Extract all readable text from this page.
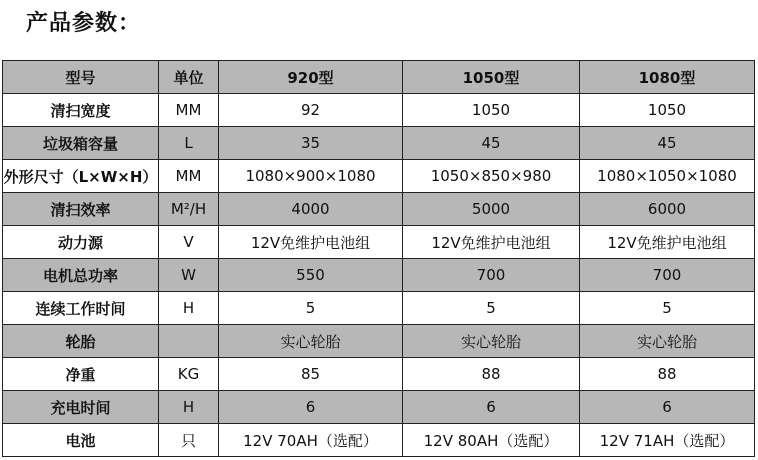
产品参数：
型号	单位	920型	1050型	1080型
清扫宽度	MM	92	1050	1050
垃圾箱容量	L	35	45	45
外形尺寸（L×W×H）	MM	1080×900×1080	1050×850×980	1080×1050×1080
清扫效率	M²/H	4000	5000	6000
动力源	V	12V免维护电池组	12V免维护电池组	12V免维护电池组
电机总功率	W	550	700	700
连续工作时间	H	5	5	5
轮胎		实心轮胎	实心轮胎	实心轮胎
净重	KG	85	88	88
充电时间	H	6	6	6
电池	只	12V 70AH（选配）	12V 80AH（选配）	12V 71AH（选配）
